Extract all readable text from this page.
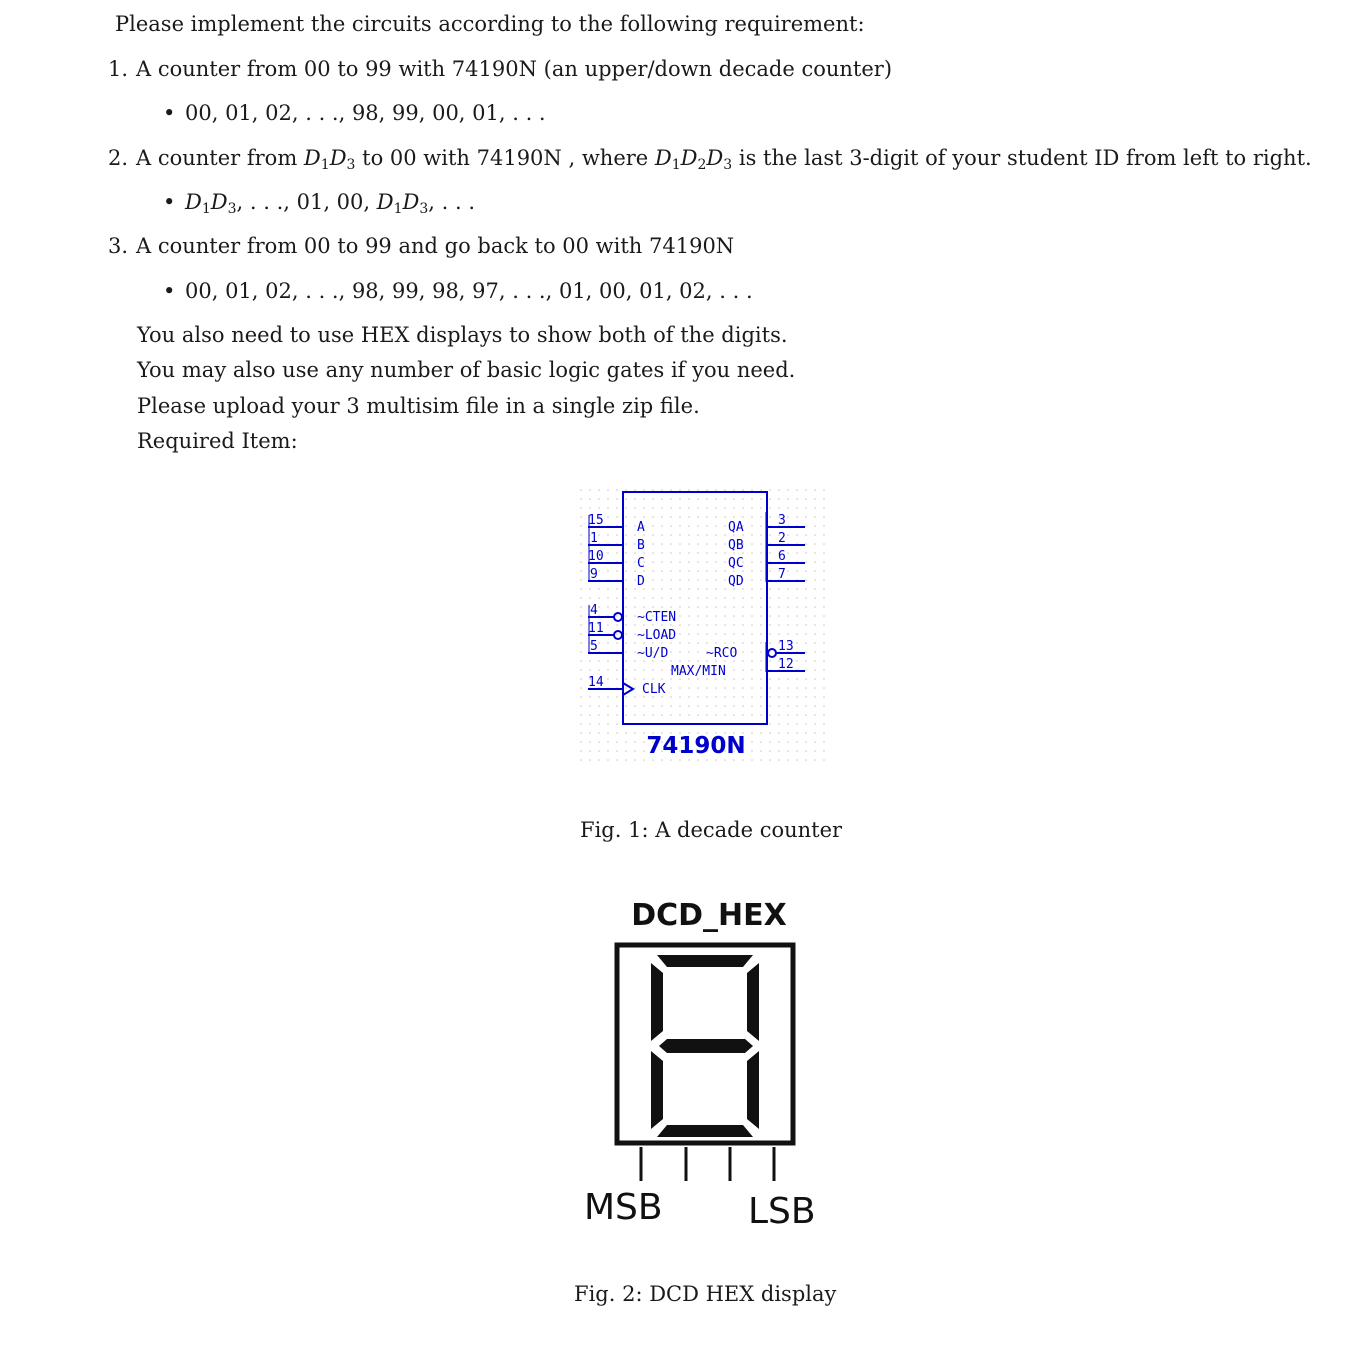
Please implement the circuits according to the following requirement:
1. A counter from 00 to 99 with 74190N (an upper/down decade counter)
• 00, 01, 02, . . ., 98, 99, 00, 01, . . .
2. A counter from $D_1D_3$ to 00 with 74190N , where $D_1D_2D_3$ is the last 3-digit of your student ID from left to right.
• $D_1D_3$, . . ., 01, 00, $D_1D_3$, . . .
3. A counter from 00 to 99 and go back to 00 with 74190N
• 00, 01, 02, . . ., 98, 99, 98, 97, . . ., 01, 00, 01, 02, . . .
You also need to use HEX displays to show both of the digits.
You may also use any number of basic logic gates if you need.
Please upload your 3 multisim file in a single zip file.
Required Item:
15
1
10
9
4
11
5
14
3
2
6
7
13
12
A
B
C
D
QA
QB
QC
QD
~CTEN
~LOAD
~U/D	~RCO
MAX/MIN
CLK
74190N
Fig. 1: A decade counter
DCD_HEX
MSB LSB
Fig. 2: DCD HEX display
